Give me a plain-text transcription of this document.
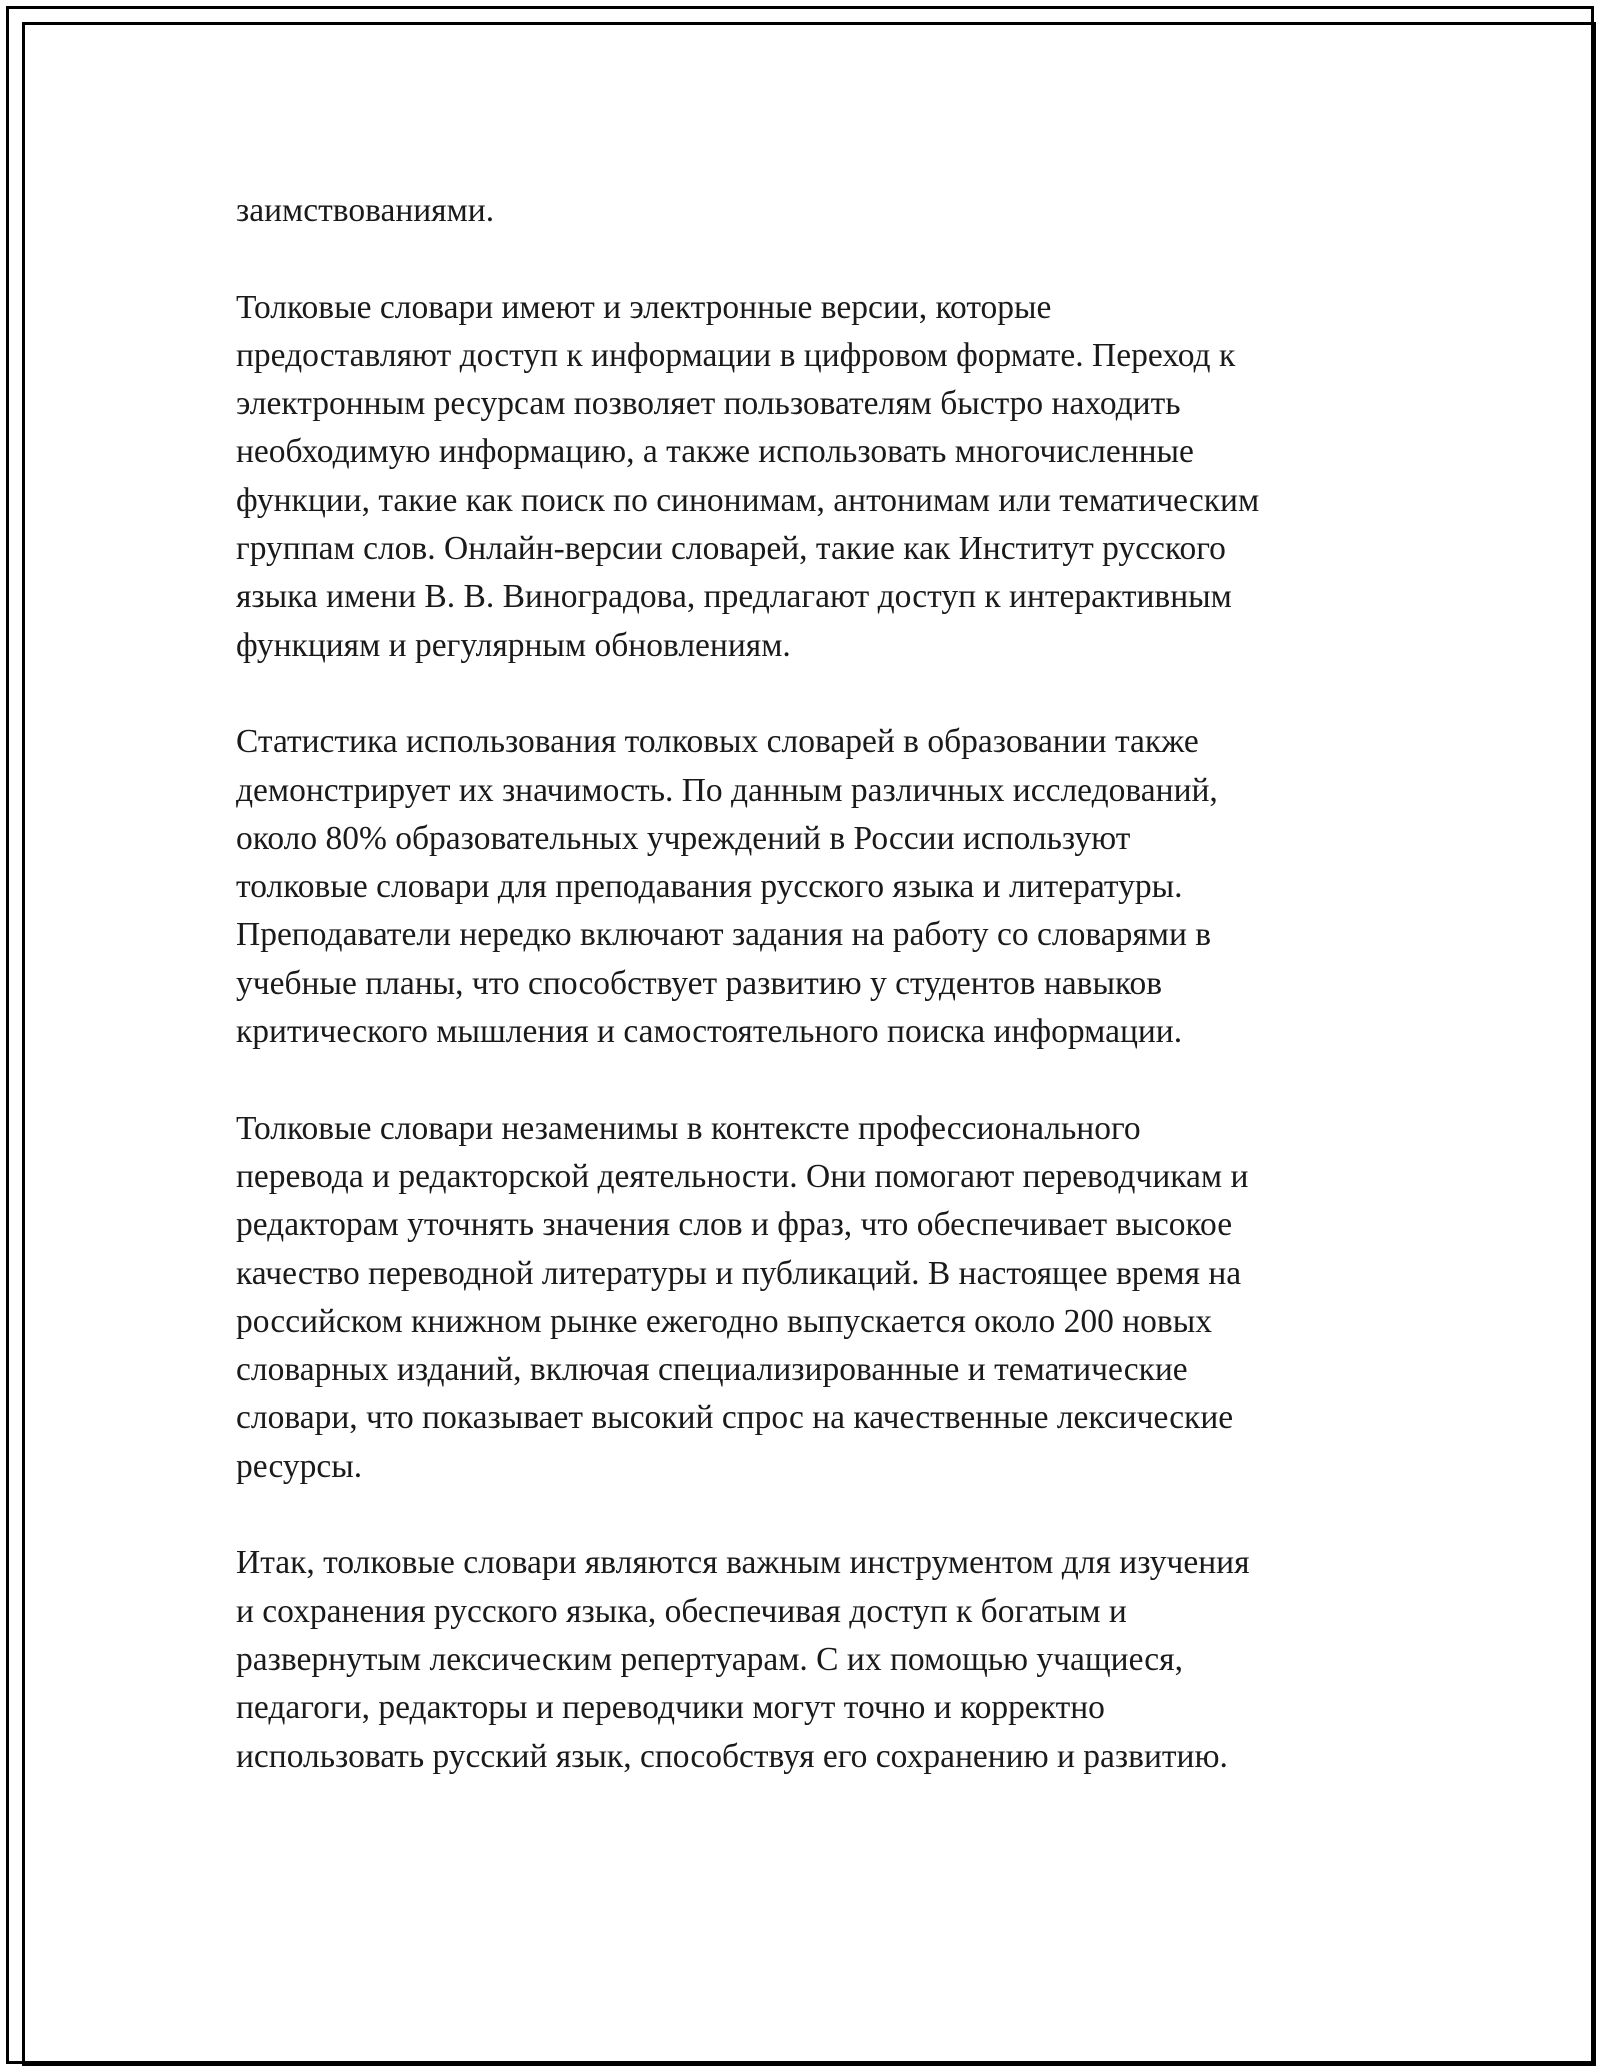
заимствованиями.

Толковые словари имеют и электронные версии, которые
предоставляют доступ к информации в цифровом формате. Переход к
электронным ресурсам позволяет пользователям быстро находить
необходимую информацию, а также использовать многочисленные
функции, такие как поиск по синонимам, антонимам или тематическим
группам слов. Онлайн-версии словарей, такие как Институт русского
языка имени В. В. Виноградова, предлагают доступ к интерактивным
функциям и регулярным обновлениям.

Статистика использования толковых словарей в образовании также
демонстрирует их значимость. По данным различных исследований,
около 80% образовательных учреждений в России используют
толковые словари для преподавания русского языка и литературы.
Преподаватели нередко включают задания на работу со словарями в
учебные планы, что способствует развитию у студентов навыков
критического мышления и самостоятельного поиска информации.

Толковые словари незаменимы в контексте профессионального
перевода и редакторской деятельности. Они помогают переводчикам и
редакторам уточнять значения слов и фраз, что обеспечивает высокое
качество переводной литературы и публикаций. В настоящее время на
российском книжном рынке ежегодно выпускается около 200 новых
словарных изданий, включая специализированные и тематические
словари, что показывает высокий спрос на качественные лексические
ресурсы.

Итак, толковые словари являются важным инструментом для изучения
и сохранения русского языка, обеспечивая доступ к богатым и
развернутым лексическим репертуарам. С их помощью учащиеся,
педагоги, редакторы и переводчики могут точно и корректно
использовать русский язык, способствуя его сохранению и развитию.
